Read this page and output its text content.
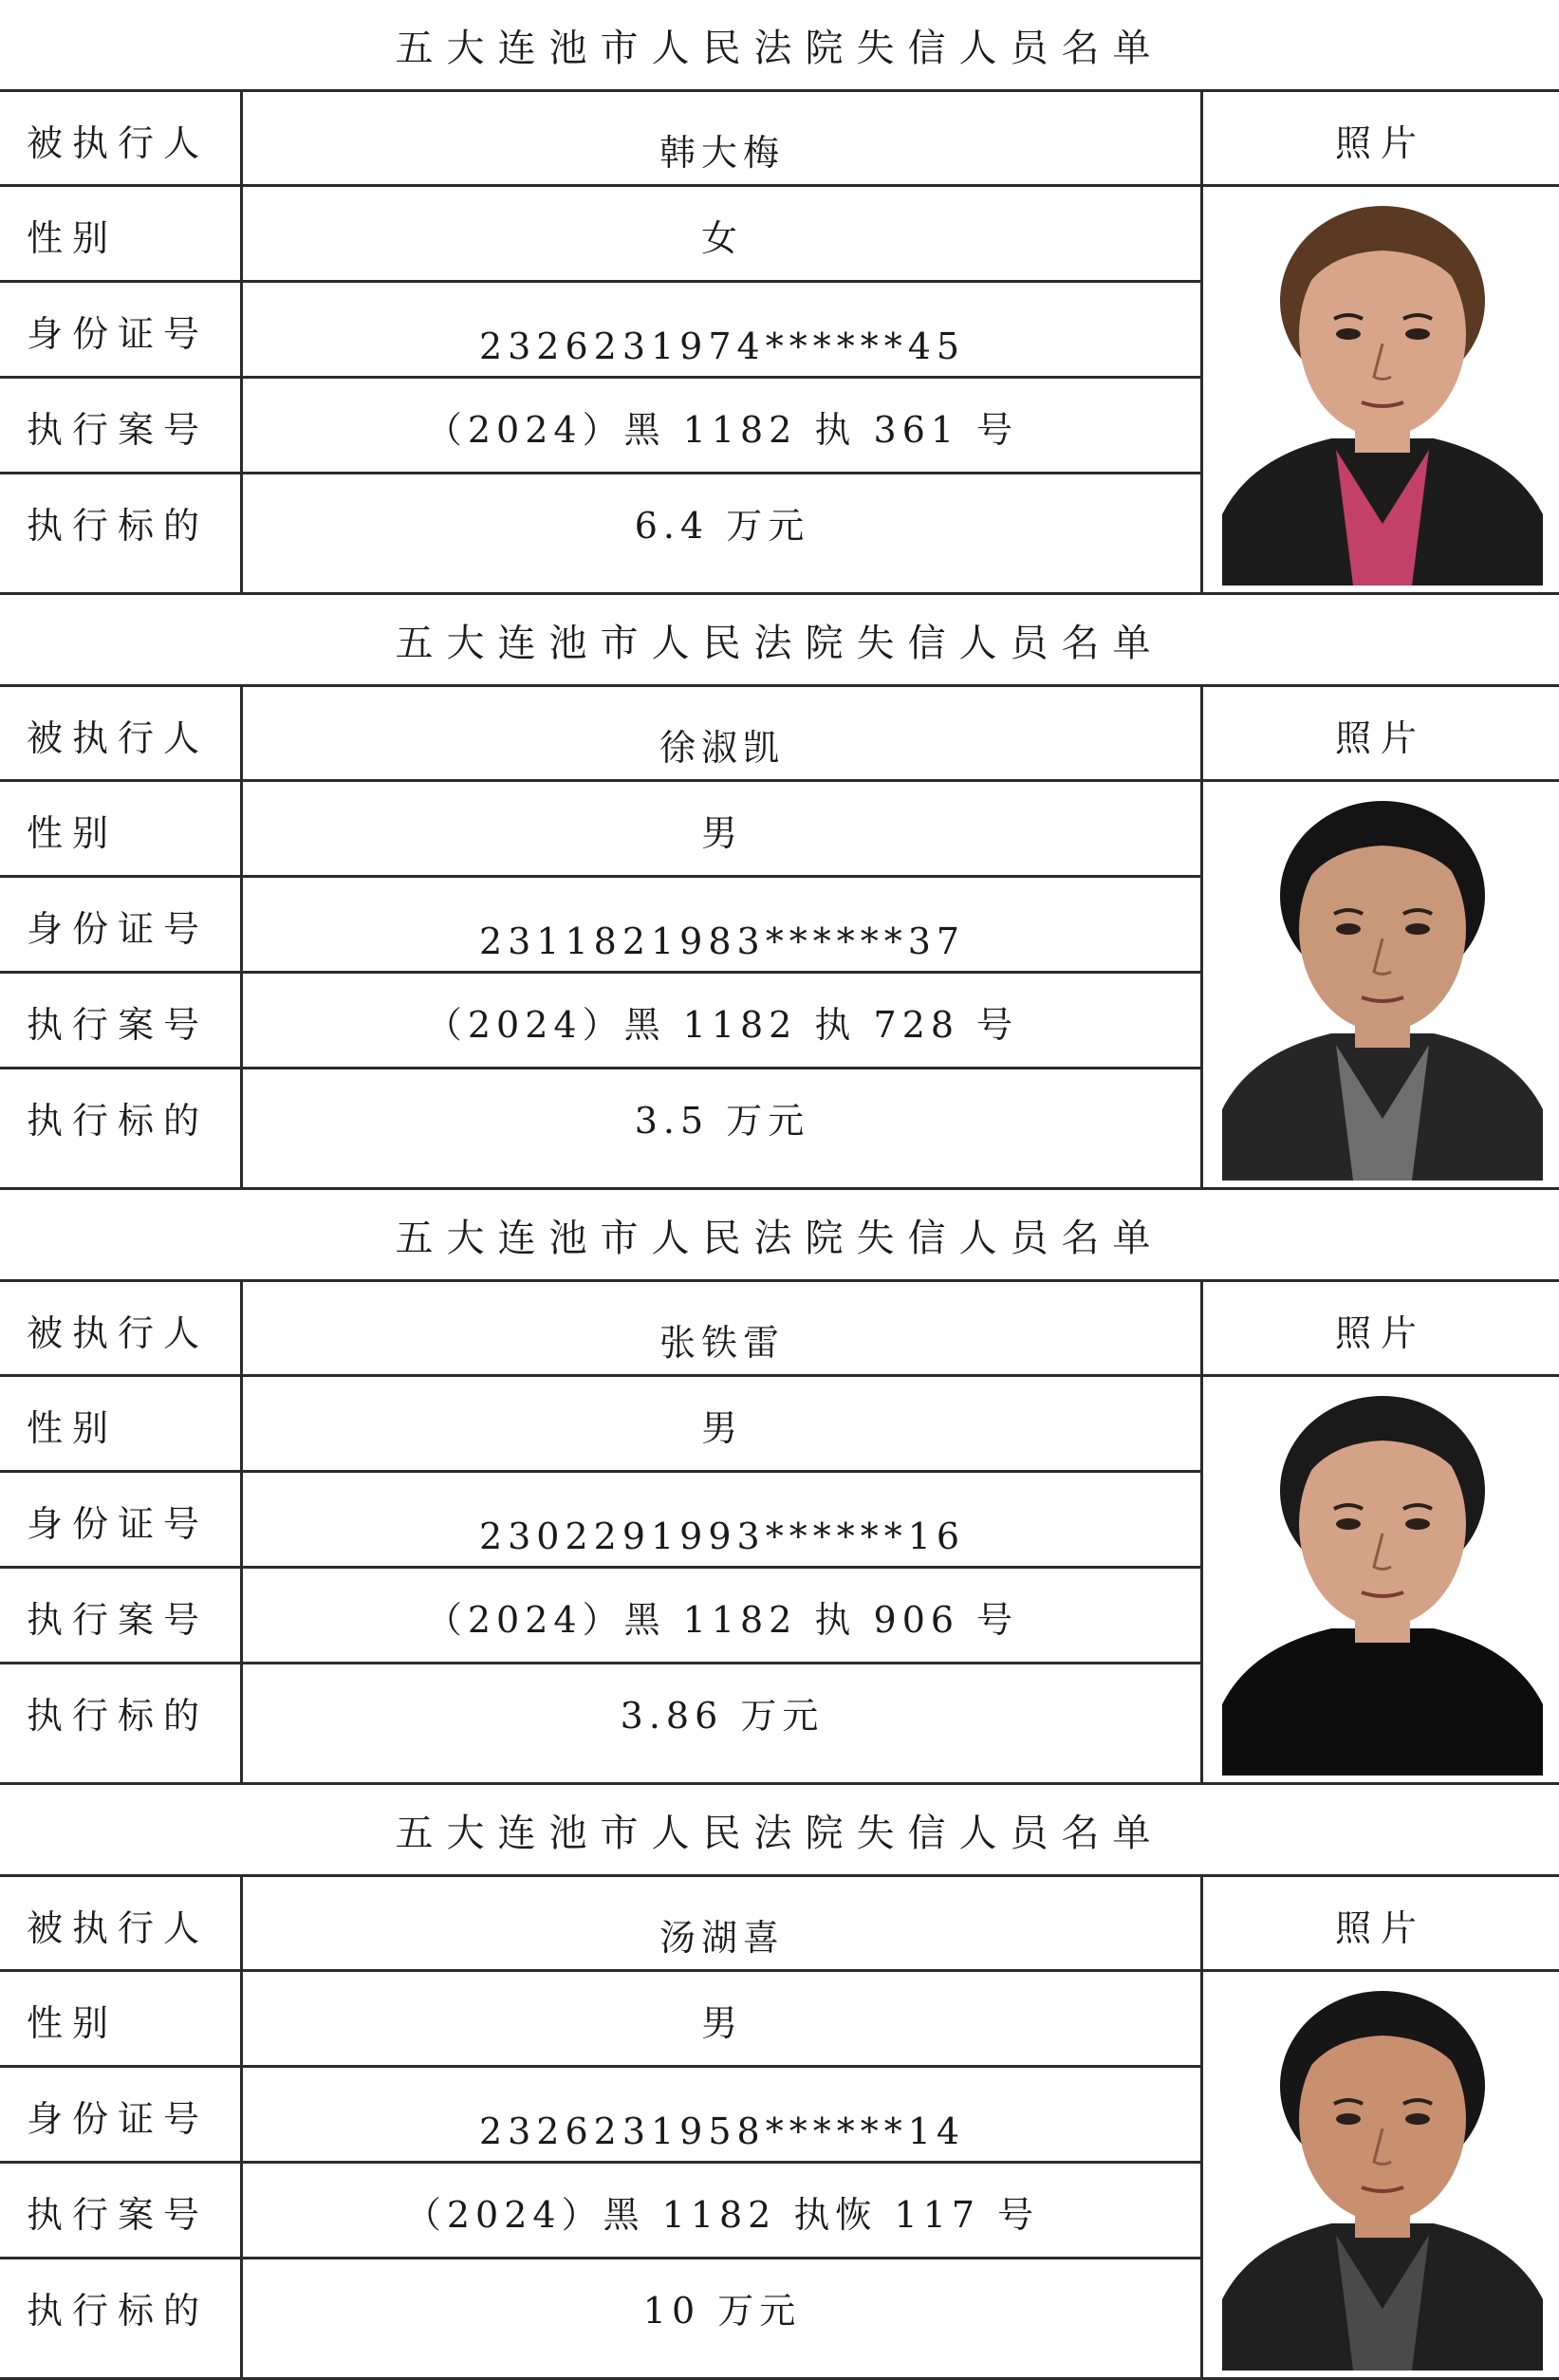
五大连池市人民法院失信人员名单
被执行人	韩大梅	照片
性别	女
身份证号	2326231974******45
执行案号	（2024）黑 1182 执 361 号
执行标的	6.4 万元
五大连池市人民法院失信人员名单
被执行人	徐淑凯	照片
性别	男
身份证号	2311821983******37
执行案号	（2024）黑 1182 执 728 号
执行标的	3.5 万元
五大连池市人民法院失信人员名单
被执行人	张铁雷	照片
性别	男
身份证号	2302291993******16
执行案号	（2024）黑 1182 执 906 号
执行标的	3.86 万元
五大连池市人民法院失信人员名单
被执行人	汤湖喜	照片
性别	男
身份证号	2326231958******14
执行案号	（2024）黑 1182 执恢 117 号
执行标的	10 万元
